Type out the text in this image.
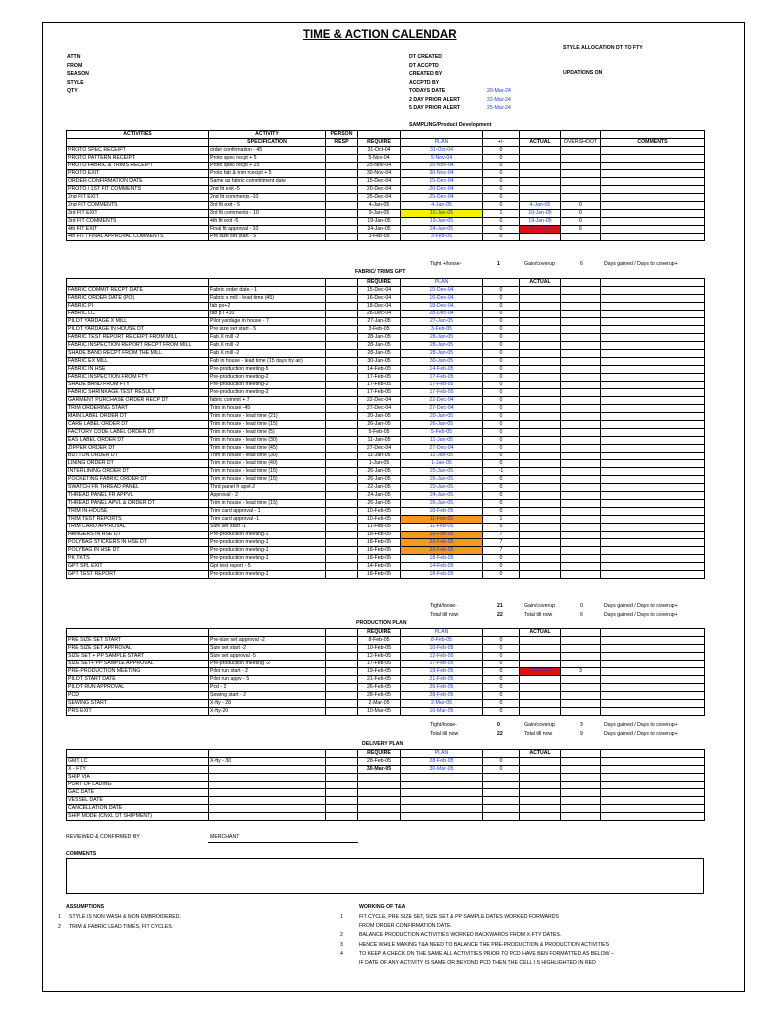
TIME & ACTION CALENDAR
STYLE ALLOCATION DT TO FTY
UPDATIONS ON
REVIEWED & CONFIRMED BY	MERCHANT
COMMENTS
ASSUMPTIONS	WORKING OF T&A
ATTN
FROM
SEASON
STYLE
QTY
DT CREATED
DT ACCPTD
CREATED BY
ACCPTD BY
TODAYS DATE	20-Mar-24
2 DAY PRIOR ALERT	22-Mar-24
5 DAY PRIOR ALERT	25-Mar-24
SAMPLING/Product Development
ACTIVITIES	ACTIVITY	PERSON						
	SPECIFICATION	RESP	REQUIRE	PLAN	+/-	ACTUAL	OVERSHOOT	COMMENTS
PROTO SPEC RECEIPT	order confirmation - 45		31-Oct-04	31-Oct-04	0			
PROTO PATTERN RECEIPT	Proto spec recpt + 5		5-Nov-04	5-Nov-04	0			
PROTO FABRIC & TRIMS RECEIPT	Proto spec recpt + 25		25-Nov-04	25-Nov-04	0			
PROTO EXIT	Proto fab & trim rcecipt + 5		30-Nov-04	30-Nov-04	0			
ORDER CONFIRMATION DATE	Same as fabric commitment date		15-Dec-04	15-Dec-04	0			
PROTO / 1ST FIT COMMENTS	2nd fit exit -5		20-Dec-04	20-Dec-04	0			
2nd FIT EXIT	2nd fit comments -10		25-Dec-04	25-Dec-04	0			
2nd FIT COMMENTS	3rd fit exit - 5		4-Jan-05	4-Jan-05	0	4-Jan-05	0	
3rd FIT EXIT	3rd fit comments - 10		9-Jan-05	10-Jan-05	1	10-Jan-05	0	
3rd FIT COMMENTS	4th fit exit -5		19-Jan-05	19-Jan-05	0	19-Jan-05	0	
4th FIT EXIT	Final fit approval - 10		24-Jan-05	24-Jan-05	0	30-Jan-05	6	
4th FIT / FINAL APPROVAL COMMENTS	Pre size set start - 5		3-Feb-05	3-Feb-05	0			
Tight +/loose-	1	Gain/coverup	6	Days gained / Days to coverup+
FABRIC/ TRIMS GPT
			REQUIRE	PLAN		ACTUAL		
FABRIC COMMIT RECPT DATE	Fabric order date - 1		15-Dec-04	15-Dec-04	0			
FABRIC ORDER DATE (PO)	Fabric x mill - lead time (45)		16-Dec-04	16-Dec-04	0			
FABRIC PI	fab po+2		18-Dec-04	18-Dec-04	0			
FABRIC LC	fab p i +10		28-Dec-04	28-Dec-04	0			
PILOT YARDAGE X MILL	Pilot yardage in house - 7		27-Jan-05	27-Jan-05	0			
PILOT YARDAGE IN HOUSE DT	Pre size set start - 5		3-Feb-05	3-Feb-05	0			
FABRIC TEST REPORT RECEIPT FROM MILL	Fab X mill -2		28-Jan-05	28-Jan-05	0			
FABRIC INSPECTION REPORT RECPT FROM MILL	Fab X mill -2		28-Jan-05	28-Jan-05	0			
SHADE BAND RECPT FROM THE MILL	Fab X mill -2		28-Jan-05	28-Jan-05	0			
FABRIC EX MILL	Fab in house - lead time (15 days by air)		30-Jan-05	30-Jan-05	0			
FABRIC IN HSE	Pre-production meeting-5		14-Feb-05	14-Feb-05	0			
FABRIC INSPECTION FROM FTY	Pre-production meeting-2		17-Feb-05	17-Feb-05	0			
SHADE BAND FROM FTY	Pre-production meeting-2		17-Feb-05	17-Feb-05	0			
FABRIC SHRINKAGE TEST RESULT	Pre-production meeting-2		17-Feb-05	17-Feb-05	0			
GARMENT PURCHASE ORDER RECP DT	fabric commit + 7		22-Dec-04	22-Dec-04	0			
TRIM ORDERING START	Trim in house -45		27-Dec-04	27-Dec-04	0			
MAIN LABEL ORDER DT	Trim in house - lead time (21)		20-Jan-05	20-Jan-05	0			
CARE LABEL ORDER DT	Trim in house - lead time (15)		26-Jan-05	26-Jan-05	0			
FACTORY CODE LABEL ORDER DT	Trim in house - lead time (5)		5-Feb-05	5-Feb-05	0			
EAS LABEL ORDER DT	Trim in house - lead time (30)		11-Jan-05	11-Jan-05	0			
ZIPPER ORDER DT	Trim in house - lead time (45)		27-Dec-04	27-Dec-04	0			
BUTTON ORDER DT	Trim in house - lead time (30)		11-Jan-05	11-Jan-05	0			
LINING ORDER DT	Trim in house - lead time (40)		1-Jan-05	1-Jan-05	0			
INTERLINING ORDER DT	Trim in house - lead time (15)		26-Jan-05	25-Jan-05	-1			
POCKETING FABRIC ORDER DT	Trim in house - lead time (15)		26-Jan-05	26-Jan-05	0			
SWATCH FR THREAD PANEL	Thrd panel fr apvl-2		22-Jan-05	22-Jan-05	0			
THREAD PANEL FR APPVL	Approval - 2		24-Jan-05	24-Jan-05	0			
THREAD PANEL APVL & ORDER DT	Trim in house - lead time (15)		26-Jan-05	26-Jan-05	0			
TRIM IN-HOUSE	Trim card approval - 1		10-Feb-05	10-Feb-05	0			
TRIM TEST REPORTS	Trim card approval -1		10-Feb-05	11-Feb-05	1			
TRIM CARD APPROVAL	Size set start -1		11-Feb-05	11-Feb-05	0			
HANGERS IN HSE DT	Pre-production meeting-1		18-Feb-05	25-Feb-05	7			
POLYBAG STICKERS IN HSE DT	Pre-production meeting-1		18-Feb-05	25-Feb-05	7			
POLYBAG IN HSE DT	Pre-production meeting-1		18-Feb-05	25-Feb-05	7			
PK TKTS	Pre-production meeting-1		18-Feb-05	18-Feb-05	0			
GPT SPL EXIT	Gpt test report - 5		14-Feb-05	14-Feb-05	0			
GPT TEST REPORT	Pre-production meeting-1		18-Feb-05	18-Feb-05	0			
Tight/loose-	21	Gain/coverup	0	Days gained / Days to coverup+
Total till now	22	Total till now	6	Days gained / Days to coverup+
PRODUCTION PLAN
			REQUIRE	PLAN		ACTUAL		
PRE SIZE SET START	Pre-size set approval -2		8-Feb-05	8-Feb-05	0			
PRE SIZE SET APPROVAL	Size set start -2		10-Feb-05	10-Feb-05	0			
SIZE SET + PP SAMPLE START	Size set approval -5		12-Feb-05	12-Feb-05	0			
SIZE SET+ PP SAMPLE APPROVAL	Pre-production meeting -2		17-Feb-05	17-Feb-05	0			
PRE-PRODUCTION MEETING	Pilot run start - 2		19-Feb-05	19-Feb-05	0	22-Feb-05	3	
PILOT START DATE	Pilot run appv - 5		21-Feb-05	21-Feb-05	0			
PILOT RUN APPROVAL	Pcd - 2		26-Feb-05	26-Feb-05	0			
PCD	Sewing start - 2		28-Feb-05	28-Feb-05	0			
SEWING START	X-fty - 28		2-Mar-05	2-Mar-05	0			
PRS EXIT	X-fty-20		10-Mar-05	10-Mar-05	0			
Tight/loose-	0	Gain/coverup	3	Days gained / Days to coverup+
Total till now	22	Total till now	9	Days gained / Days to coverup+
DELIVERY PLAN
			REQUIRE	PLAN		ACTUAL		
GMT LC	X-fty - 30		28-Feb-05	28-Feb-05	0			
X - FTY			30-Mar-05	30-Mar-05	0			
SHIP VIA								
PORT OF LADING								
GAC DATE								
VESSEL DATE								
CANCELLATION DATE								
SHIP MODE (CNXL DT SHIPMENT)								
1 STYLE IS NON WASH & NON EMBROIDERED.
2 TRIM & FABRIC LEAD TIMES, FIT CYCLES.
1	FIT CYCLE, PRE SIZE SET, SIZE SET & PP SAMPLE DATES WORKED FORWARDS
FROM ORDER CONFIRMATION DATE.
2	BALANCE PRODUCTION ACTIVITIES WORKED BACKWARDS FROM X-FTY DATES.
3	HENCE WHILE MAKING T&A NEED TO BALANCE THE PRE-PRODUCTION & PRODUCTION ACTIVITIES
4	TO KEEP A CHECK ON THE SAME ALL ACTIVITIES PRIOR TO PCD HAVE BEN FORMATTED AS BELOW --
IF DATE OF ANY ACTIVITY IS SAME OR BEYOND PCD THEN THE CELL I S HIGHLIGHTED IN RED
